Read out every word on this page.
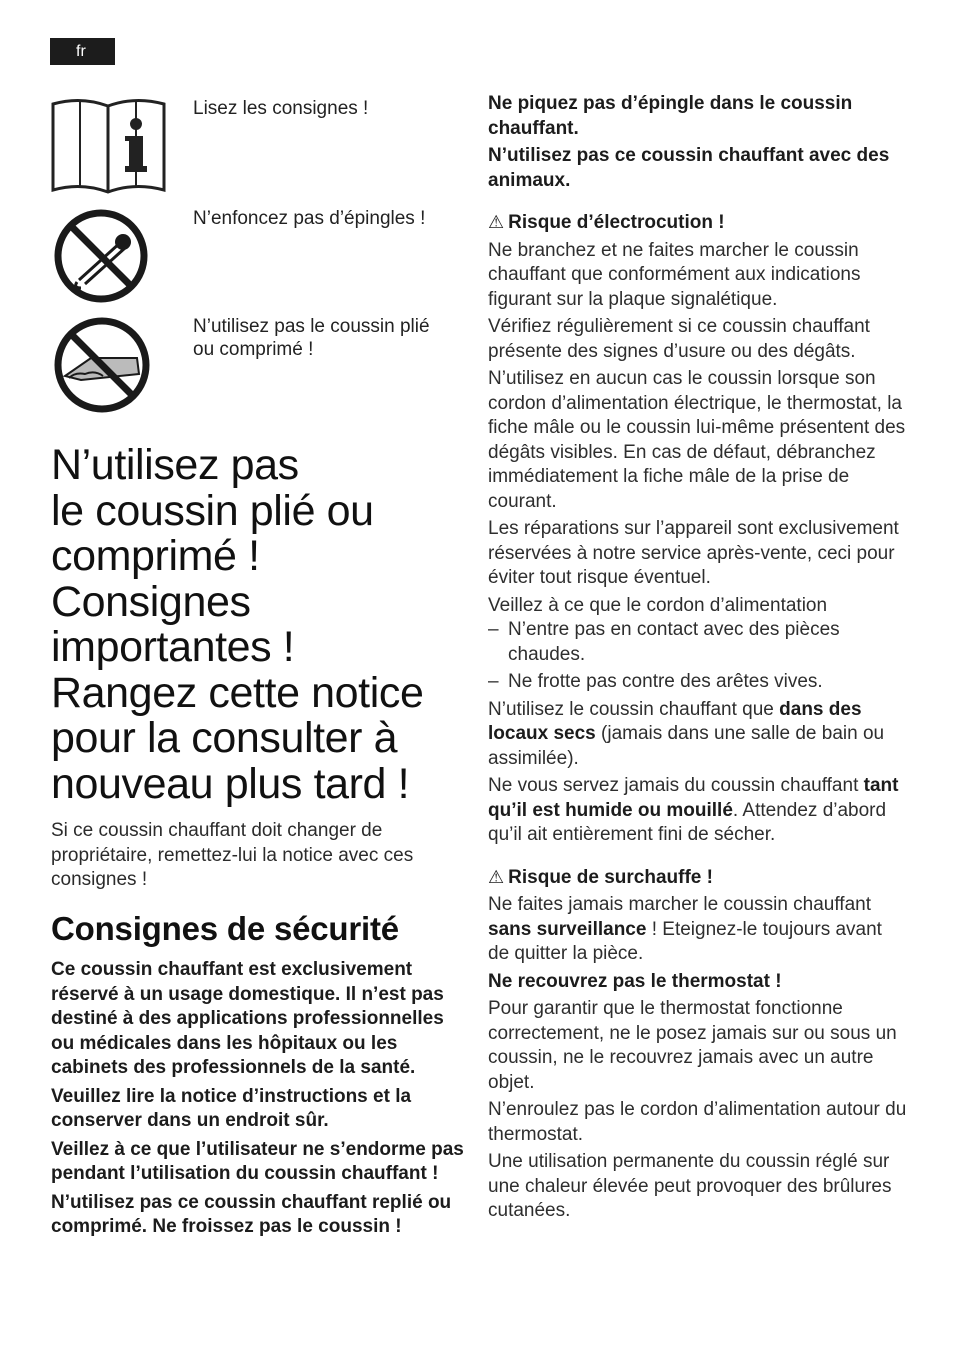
fr
Lisez les consignes !
N’enfoncez pas d’épingles !
N’utilisez pas le coussin plié
ou comprimé !
N’utilisez pas
le coussin plié ou
comprimé !
Consignes
importantes !
Rangez cette notice
pour la consulter à
nouveau plus tard !

Si ce coussin chauffant doit changer de propriétaire, remettez-lui la notice avec ces consignes !

Consignes de sécurité

Ce coussin chauffant est exclusivement réservé à un usage domestique. Il n’est pas destiné à des applications professionnelles ou médicales dans les hôpitaux ou les cabinets des professionnels de la santé.

Veuillez lire la notice d’instructions et la conserver dans un endroit sûr.

Veillez à ce que l’utilisateur ne s’endorme pas pendant l’utilisation du coussin chauffant !

N’utilisez pas ce coussin chauffant replié ou comprimé. Ne froissez pas le coussin !

Ne piquez pas d’épingle dans le coussin chauffant.

N’utilisez pas ce coussin chauffant avec des animaux.

⚠ Risque d’électrocution !

Ne branchez et ne faites marcher le coussin chauffant que conformément aux indications figurant sur la plaque signalétique.

Vérifiez régulièrement si ce coussin chauffant présente des signes d’usure ou des dégâts.

N’utilisez en aucun cas le coussin lorsque son cordon d’alimentation électrique, le thermostat, la fiche mâle ou le coussin lui-même présentent des dégâts visibles. En cas de défaut, débranchez immédiatement la fiche mâle de la prise de courant.

Les réparations sur l’appareil sont exclusivement réservées à notre service après-vente, ceci pour éviter tout risque éventuel.

Veillez à ce que le cordon d’alimentation

– N’entre pas en contact avec des pièces chaudes.
– Ne frotte pas contre des arêtes vives.

N’utilisez le coussin chauffant que dans des locaux secs (jamais dans une salle de bain ou assimilée).

Ne vous servez jamais du coussin chauffant tant qu’il est humide ou mouillé. Attendez d’abord qu’il ait entièrement fini de sécher.

⚠ Risque de surchauffe !

Ne faites jamais marcher le coussin chauffant sans surveillance ! Eteignez-le toujours avant de quitter la pièce.

Ne recouvrez pas le thermostat !

Pour garantir que le thermostat fonctionne correctement, ne le posez jamais sur ou sous un coussin, ne le recouvrez jamais avec un autre objet.

N’enroulez pas le cordon d’alimentation autour du thermostat.

Une utilisation permanente du coussin réglé sur une chaleur élevée peut provoquer des brûlures cutanées.
